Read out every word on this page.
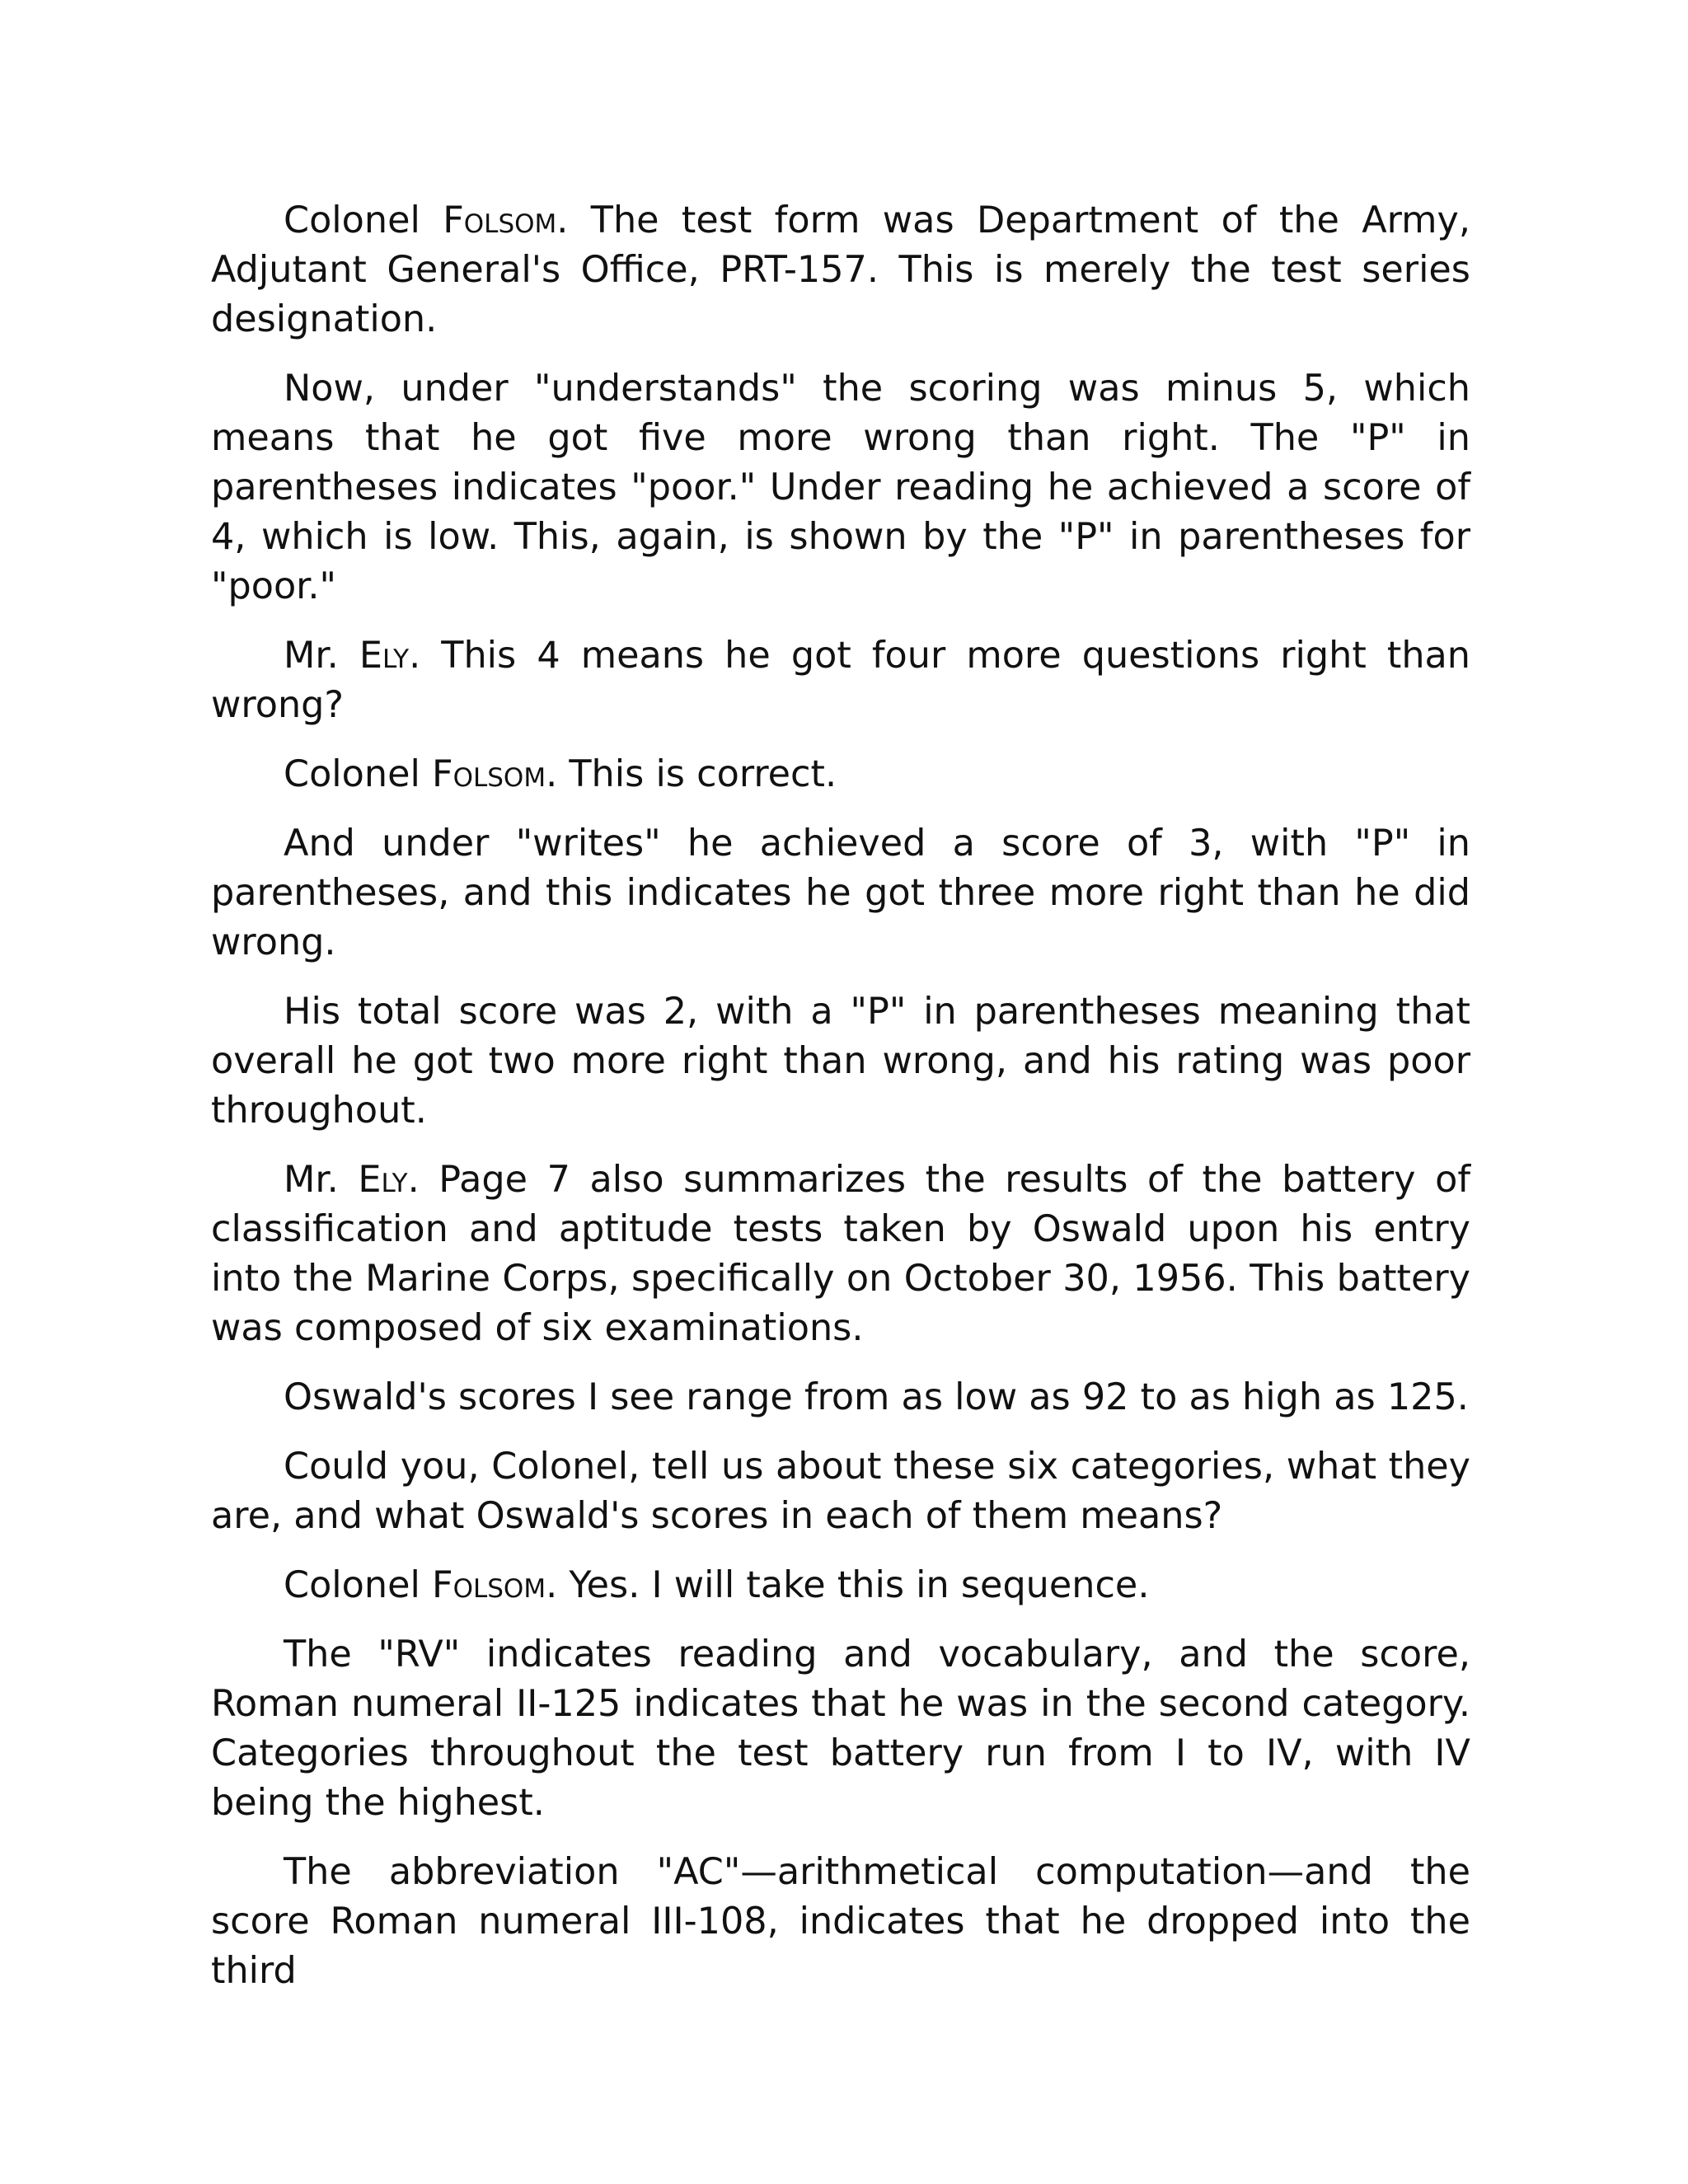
Colonel Folsom. The test form was Department of the Army, Adjutant General's Office, PRT-157. This is merely the test series designation.

Now, under "understands" the scoring was minus 5, which means that he got five more wrong than right. The "P" in parentheses indicates "poor." Under reading he achieved a score of 4, which is low. This, again, is shown by the "P" in parentheses for "poor."

Mr. Ely. This 4 means he got four more questions right than wrong?

Colonel Folsom. This is correct.

And under "writes" he achieved a score of 3, with "P" in parentheses, and this indicates he got three more right than he did wrong.

His total score was 2, with a "P" in parentheses meaning that overall he got two more right than wrong, and his rating was poor throughout.

Mr. Ely. Page 7 also summarizes the results of the battery of classification and aptitude tests taken by Oswald upon his entry into the Marine Corps, specifically on October 30, 1956. This battery was composed of six examinations.

Oswald's scores I see range from as low as 92 to as high as 125.

Could you, Colonel, tell us about these six categories, what they are, and what Oswald's scores in each of them means?

Colonel Folsom. Yes. I will take this in sequence.

The "RV" indicates reading and vocabulary, and the score, Roman numeral II-125 indicates that he was in the second category. Categories throughout the test battery run from I to IV, with IV being the highest.

The abbreviation "AC"—arithmetical computation—and the score Roman numeral III-108, indicates that he dropped into the third
